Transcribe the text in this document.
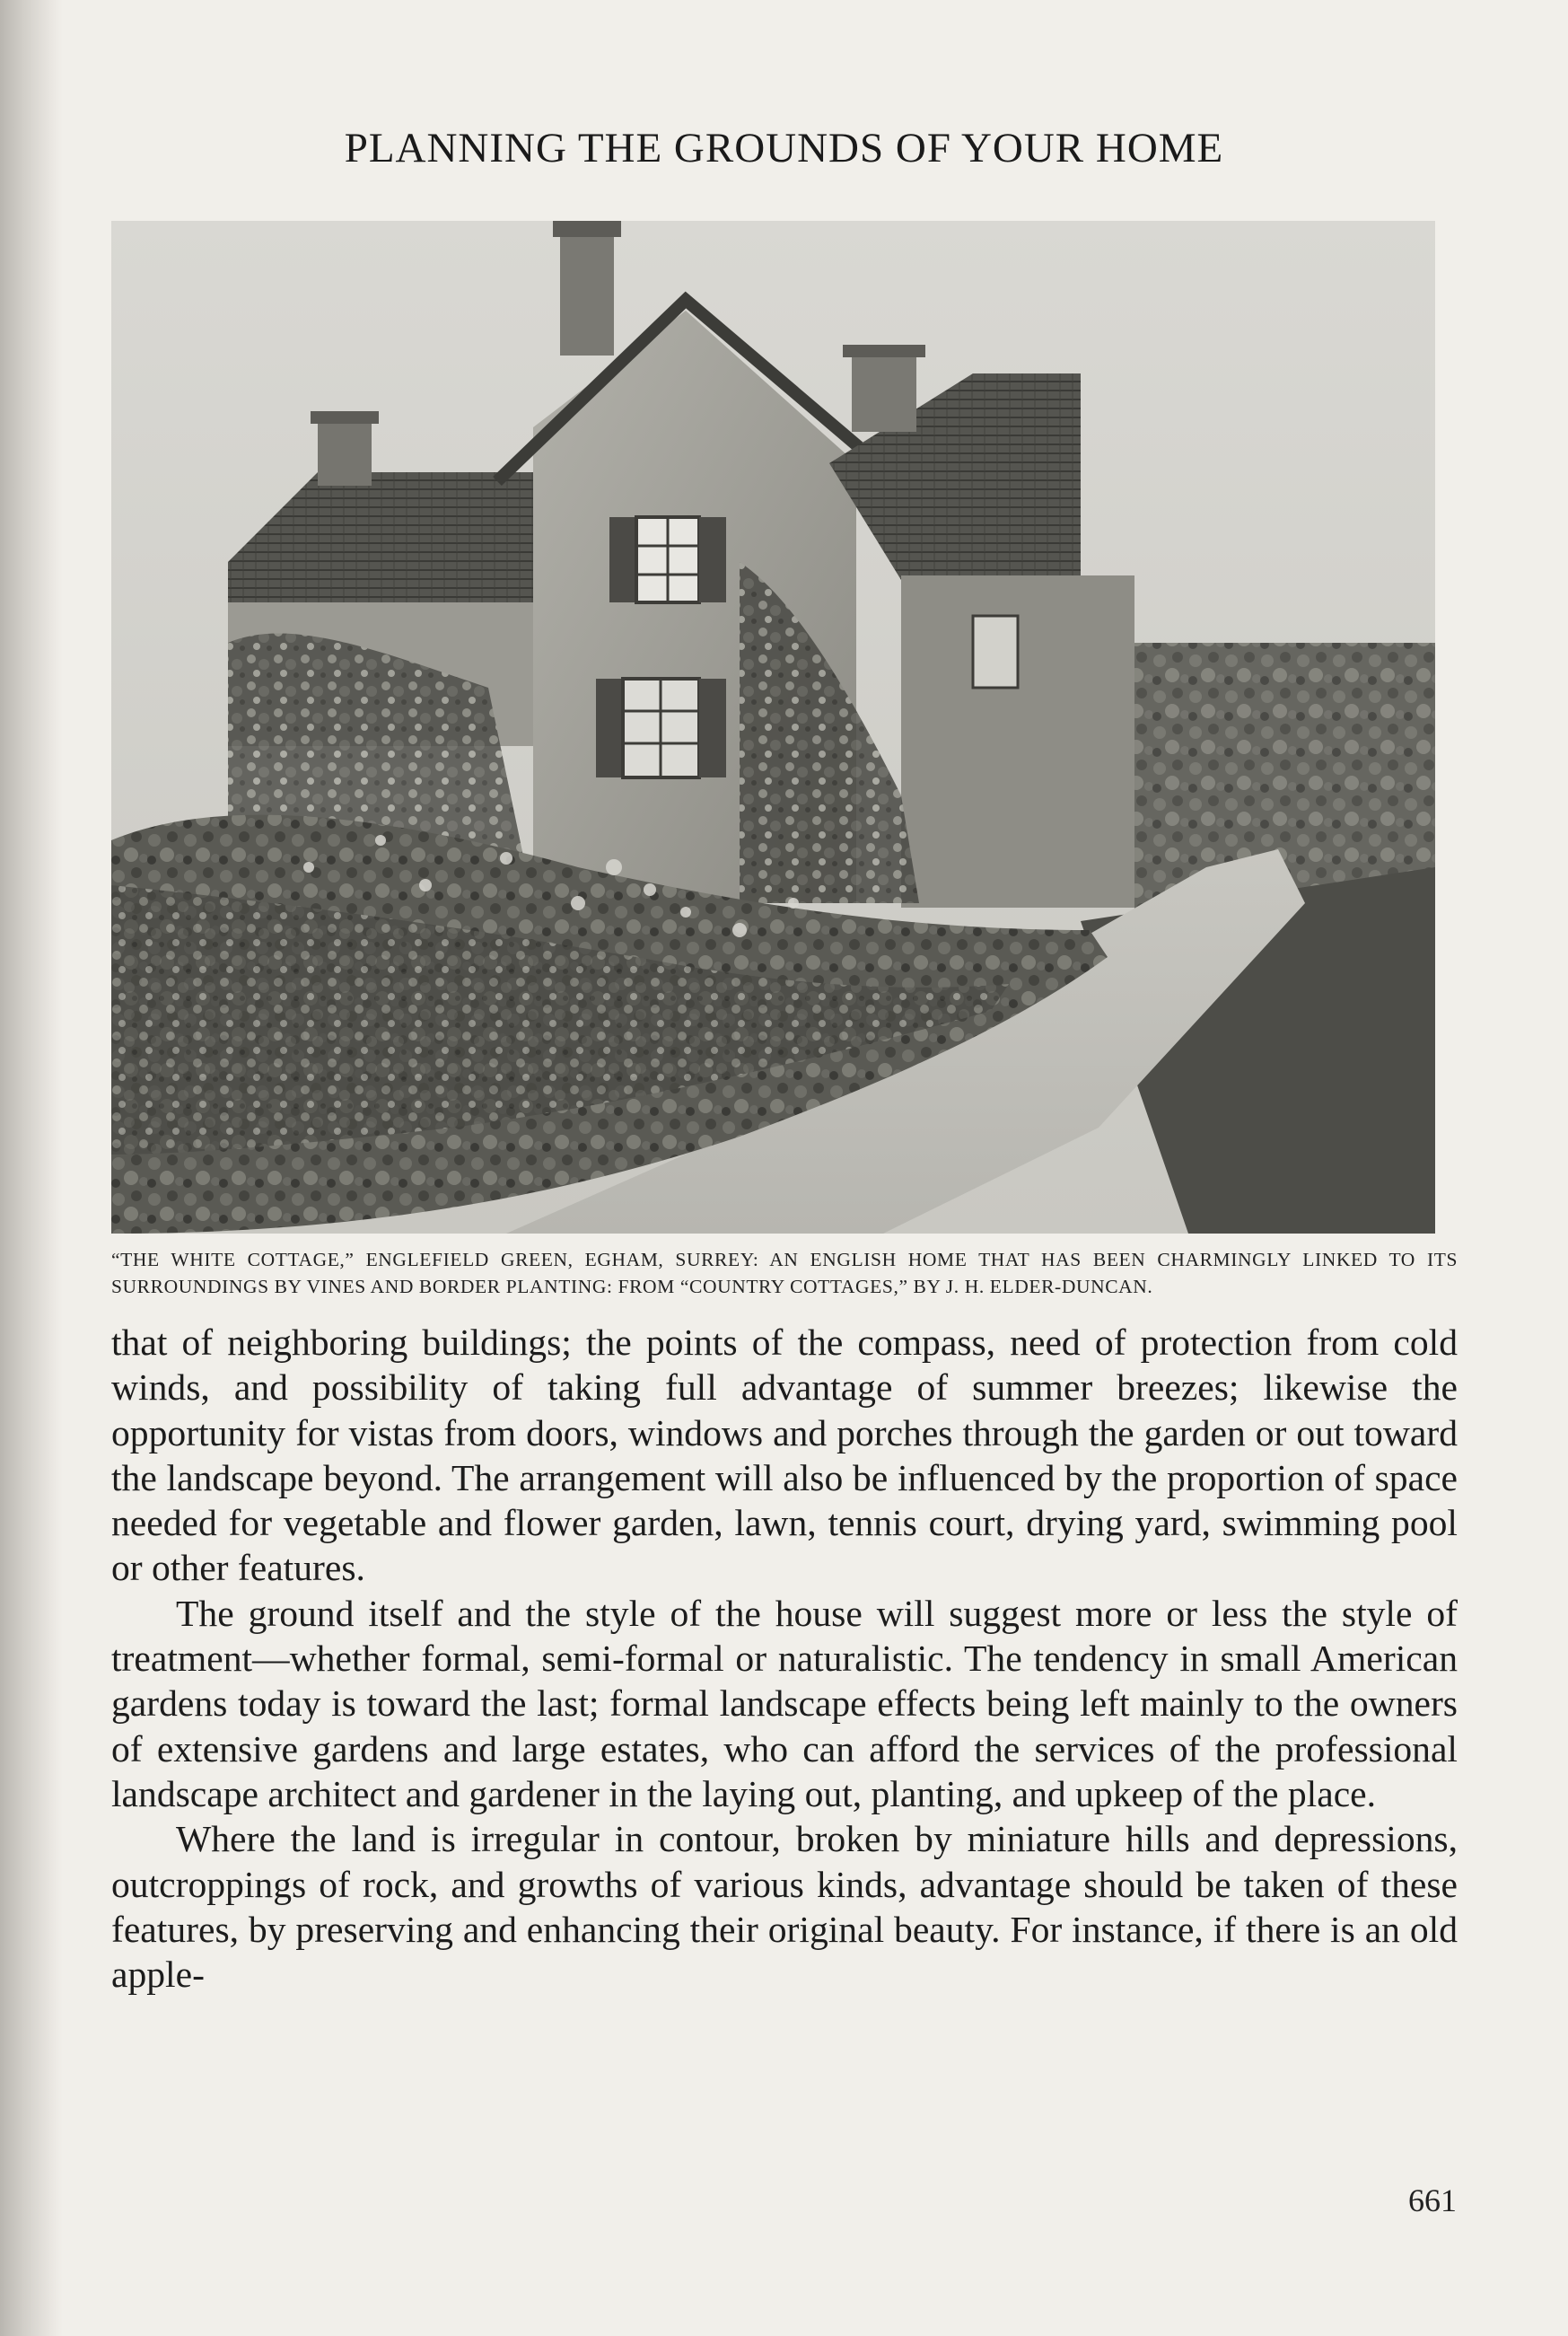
PLANNING THE GROUNDS OF YOUR HOME

“THE WHITE COTTAGE,” ENGLEFIELD GREEN, EGHAM, SURREY: AN ENGLISH HOME THAT HAS BEEN CHARMINGLY LINKED TO ITS SURROUNDINGS BY VINES AND BORDER PLANTING: FROM “COUNTRY COTTAGES,” BY J. H. ELDER-DUNCAN.

that of neighboring buildings; the points of the compass, need of protection from cold winds, and possibility of taking full advantage of summer breezes; likewise the opportunity for vistas from doors, windows and porches through the garden or out toward the landscape beyond. The arrangement will also be influenced by the proportion of space needed for vegetable and flower garden, lawn, tennis court, drying yard, swimming pool or other features.

The ground itself and the style of the house will suggest more or less the style of treatment—whether formal, semi-formal or naturalistic. The tendency in small American gardens today is toward the last; formal landscape effects being left mainly to the owners of extensive gardens and large estates, who can afford the services of the professional landscape architect and gardener in the laying out, planting, and upkeep of the place.

Where the land is irregular in contour, broken by miniature hills and depressions, outcroppings of rock, and growths of various kinds, advantage should be taken of these features, by preserving and enhancing their original beauty. For instance, if there is an old apple-

661
